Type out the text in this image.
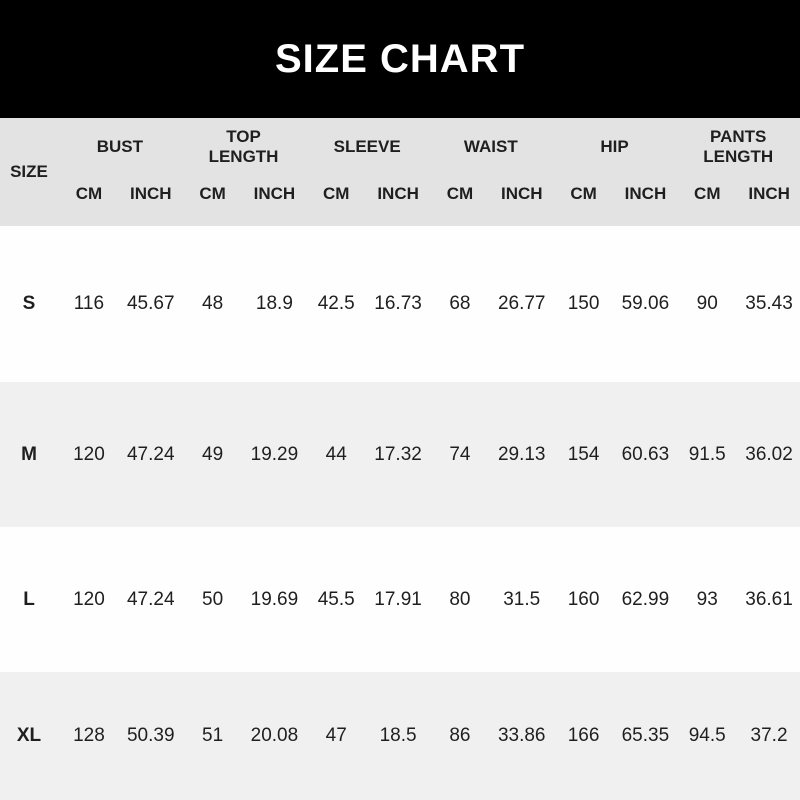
SIZE CHART
SIZE
BUST
CM	INCH
TOP LENGTH
CM	INCH
SLEEVE
CM	INCH
WAIST
CM	INCH
HIP
CM	INCH
PANTS LENGTH
CM	INCH
S	116	45.67	48	18.9	42.5	16.73	68	26.77	150	59.06	90	35.43
M	120	47.24	49	19.29	44	17.32	74	29.13	154	60.63	91.5	36.02
L	120	47.24	50	19.69	45.5	17.91	80	31.5	160	62.99	93	36.61
XL	128	50.39	51	20.08	47	18.5	86	33.86	166	65.35	94.5	37.2
